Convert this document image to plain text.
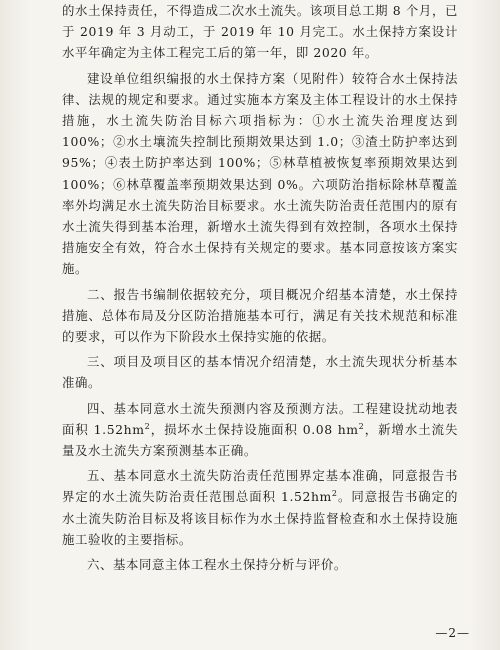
的水土保持责任，不得造成二次水土流失。该项目总工期 8 个月，已于 2019 年 3 月动工，于 2019 年 10 月完工。水土保持方案设计水平年确定为主体工程完工后的第一年，即 2020 年。

建设单位组织编报的水土保持方案（见附件）较符合水土保持法律、法规的规定和要求。通过实施本方案及主体工程设计的水土保持措施，水土流失防治目标六项指标为：①水土流失治理度达到 100%；②水土壤流失控制比预期效果达到 1.0；③渣土防护率达到 95%；④表土防护率达到 100%；⑤林草植被恢复率预期效果达到 100%；⑥林草覆盖率预期效果达到 0%。六项防治指标除林草覆盖率外均满足水土流失防治目标要求。水土流失防治责任范围内的原有水土流失得到基本治理，新增水土流失得到有效控制，各项水土保持措施安全有效，符合水土保持有关规定的要求。基本同意按该方案实施。

二、报告书编制依据较充分，项目概况介绍基本清楚，水土保持措施、总体布局及分区防治措施基本可行，满足有关技术规范和标准的要求，可以作为下阶段水土保持实施的依据。

三、项目及项目区的基本情况介绍清楚，水土流失现状分析基本准确。

四、基本同意水土流失预测内容及预测方法。工程建设扰动地表面积 $1.52hm^2$，损坏水土保持设施面积 0.08 $hm^2$，新增水土流失量及水土流失方案预测基本正确。

五、基本同意水土流失防治责任范围界定基本准确，同意报告书界定的水土流失防治责任范围总面积 $1.52hm^2$。同意报告书确定的水土流失防治目标及将该目标作为水土保持监督检查和水土保持设施施工验收的主要指标。

六、基本同意主体工程水土保持分析与评价。

—2—
